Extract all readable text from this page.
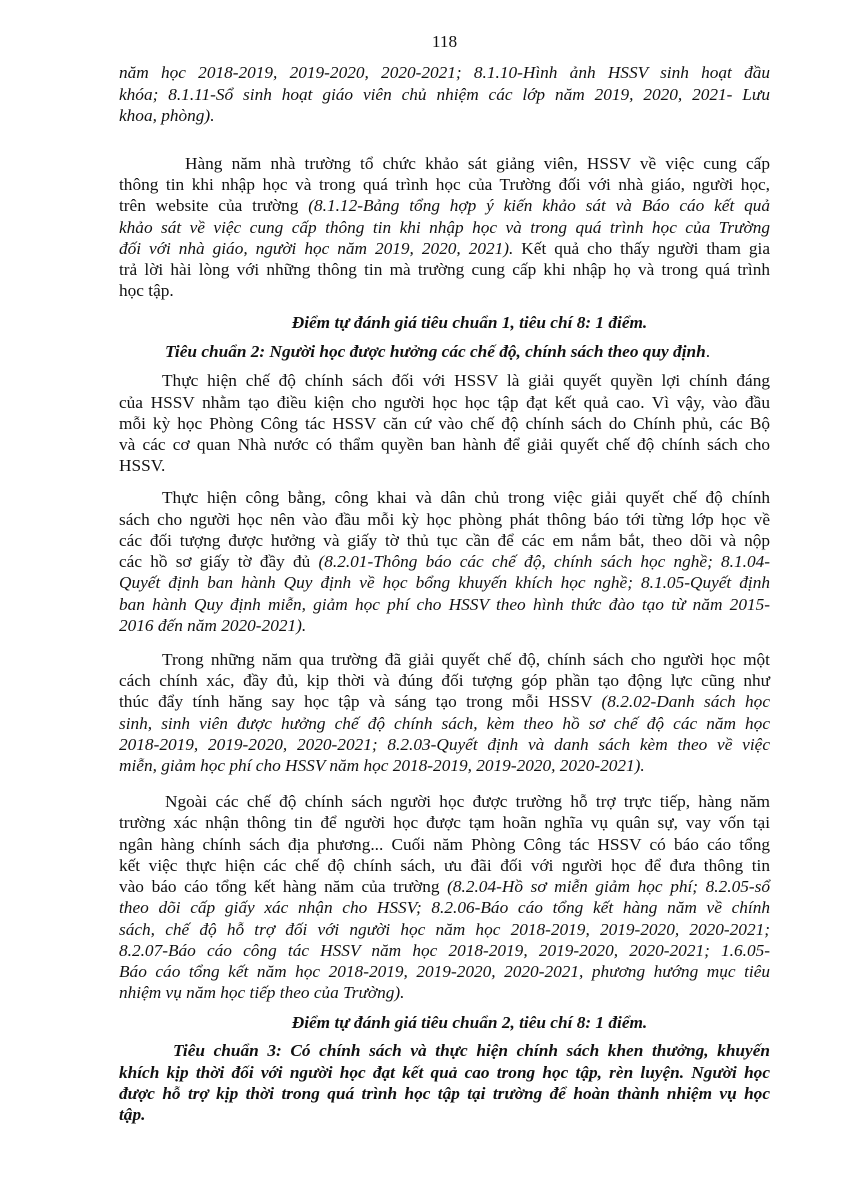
118
năm học 2018-2019, 2019-2020, 2020-2021; 8.1.10-Hình ảnh HSSV sinh hoạt đầu
khóa; 8.1.11-Sổ sinh hoạt giáo viên chủ nhiệm các lớp năm 2019, 2020, 2021- Lưu
khoa, phòng).
Hàng năm nhà trường tổ chức khảo sát giảng viên, HSSV về việc cung cấp
thông tin khi nhập học và trong quá trình học của Trường đối với nhà giáo, người học,
trên website của trường (8.1.12-Bảng tổng hợp ý kiến khảo sát và Báo cáo kết quả
khảo sát về việc cung cấp thông tin khi nhập học và trong quá trình học của Trường
đối với nhà giáo, người học năm 2019, 2020, 2021). Kết quả cho thấy người tham gia
trả lời hài lòng với những thông tin mà trường cung cấp khi nhập họ và trong quá trình
học tập.
Điểm tự đánh giá tiêu chuẩn 1, tiêu chí 8: 1 điểm.
Tiêu chuẩn 2: Người học được hưởng các chế độ, chính sách theo quy định.
Thực hiện chế độ chính sách đối với HSSV là giải quyết quyền lợi chính đáng
của HSSV nhằm tạo điều kiện cho người học học tập đạt kết quả cao. Vì vậy, vào đầu
mỗi kỳ học Phòng Công tác HSSV căn cứ vào chế độ chính sách do Chính phủ, các Bộ
và các cơ quan Nhà nước có thẩm quyền ban hành để giải quyết chế độ chính sách cho
HSSV.
Thực hiện công bằng, công khai và dân chủ trong việc giải quyết chế độ chính
sách cho người học nên vào đầu mỗi kỳ học phòng phát thông báo tới từng lớp học về
các đối tượng được hưởng và giấy tờ thủ tục cần để các em nắm bắt, theo dõi và nộp
các hồ sơ giấy tờ đầy đủ (8.2.01-Thông báo các chế độ, chính sách học nghề; 8.1.04-
Quyết định ban hành Quy định về học bổng khuyến khích học nghề; 8.1.05-Quyết định
ban hành Quy định miễn, giảm học phí cho HSSV theo hình thức đào tạo từ năm 2015-
2016 đến năm 2020-2021).
Trong những năm qua trường đã giải quyết chế độ, chính sách cho người học một
cách chính xác, đầy đủ, kịp thời và đúng đối tượng góp phần tạo động lực cũng như
thúc đẩy tính hăng say học tập và sáng tạo trong mỗi HSSV (8.2.02-Danh sách học
sinh, sinh viên được hưởng chế độ chính sách, kèm theo hồ sơ chế độ các năm học
2018-2019, 2019-2020, 2020-2021; 8.2.03-Quyết định và danh sách kèm theo về việc
miễn, giảm học phí cho HSSV năm học 2018-2019, 2019-2020, 2020-2021).
Ngoài các chế độ chính sách người học được trường hỗ trợ trực tiếp, hàng năm
trường xác nhận thông tin để người học được tạm hoãn nghĩa vụ quân sự, vay vốn tại
ngân hàng chính sách địa phương... Cuối năm Phòng Công tác HSSV có báo cáo tổng
kết việc thực hiện các chế độ chính sách, ưu đãi đối với người học để đưa thông tin
vào báo cáo tổng kết hàng năm của trường (8.2.04-Hồ sơ miễn giảm học phí; 8.2.05-sổ
theo dõi cấp giấy xác nhận cho HSSV; 8.2.06-Báo cáo tổng kết hàng năm về chính
sách, chế độ hỗ trợ đối với người học năm học 2018-2019, 2019-2020, 2020-2021;
8.2.07-Báo cáo công tác HSSV năm học 2018-2019, 2019-2020, 2020-2021; 1.6.05-
Báo cáo tổng kết năm học 2018-2019, 2019-2020, 2020-2021, phương hướng mục tiêu
nhiệm vụ năm học tiếp theo của Trường).
Điểm tự đánh giá tiêu chuẩn 2, tiêu chí 8: 1 điểm.
Tiêu chuẩn 3: Có chính sách và thực hiện chính sách khen thưởng, khuyến
khích kịp thời đối với người học đạt kết quả cao trong học tập, rèn luyện. Người học
được hỗ trợ kịp thời trong quá trình học tập tại trường để hoàn thành nhiệm vụ học
tập.
